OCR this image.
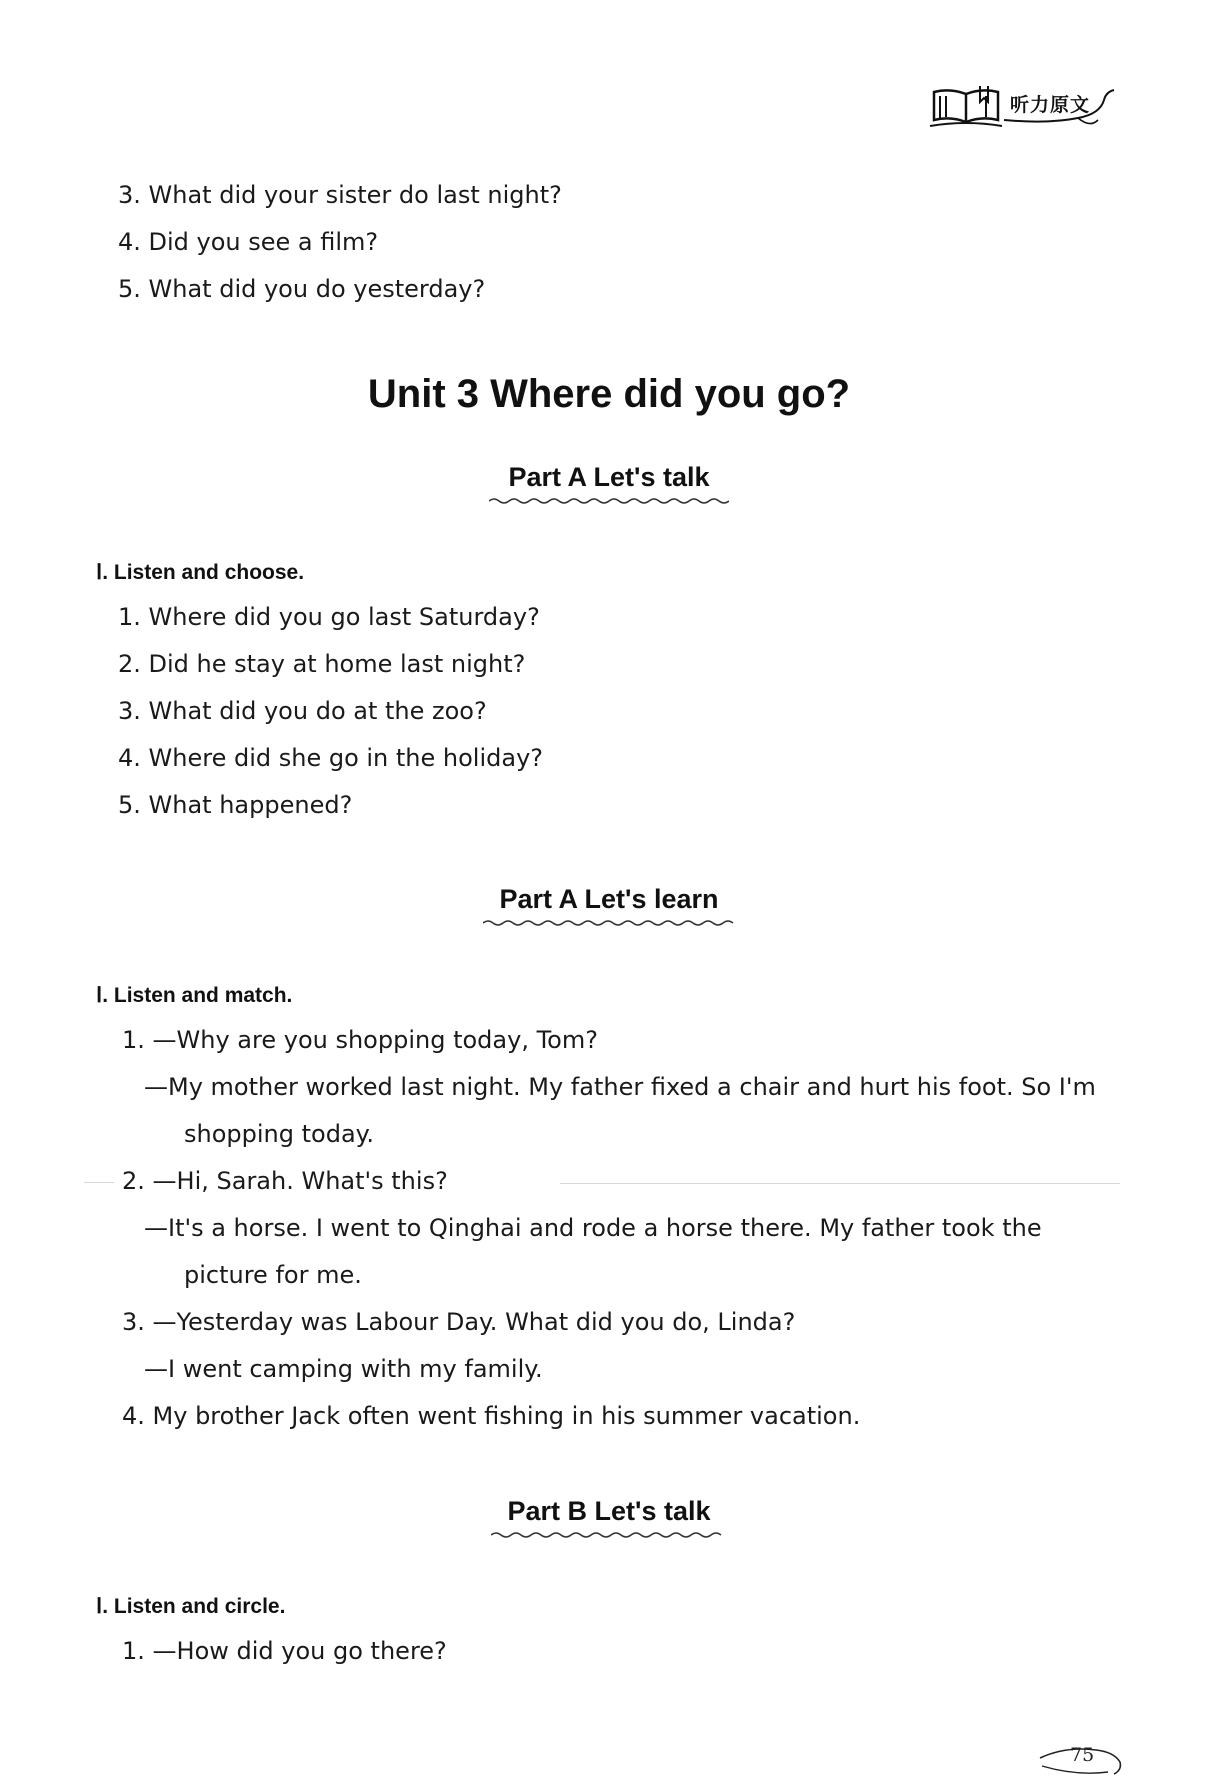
听力原文
3. What did your sister do last night?
4. Did you see a film?
5. What did you do yesterday?
Unit 3 Where did you go?
Part A Let's talk
Ⅰ. Listen and choose.
1. Where did you go last Saturday?
2. Did he stay at home last night?
3. What did you do at the zoo?
4. Where did she go in the holiday?
5. What happened?
Part A Let's learn
Ⅰ. Listen and match.
1. —Why are you shopping today, Tom?
—My mother worked last night. My father fixed a chair and hurt his foot. So I'm
shopping today.
2. —Hi, Sarah. What's this?
—It's a horse. I went to Qinghai and rode a horse there. My father took the
picture for me.
3. —Yesterday was Labour Day. What did you do, Linda?
—I went camping with my family.
4. My brother Jack often went fishing in his summer vacation.
Part B Let's talk
Ⅰ. Listen and circle.
1. —How did you go there?
75
